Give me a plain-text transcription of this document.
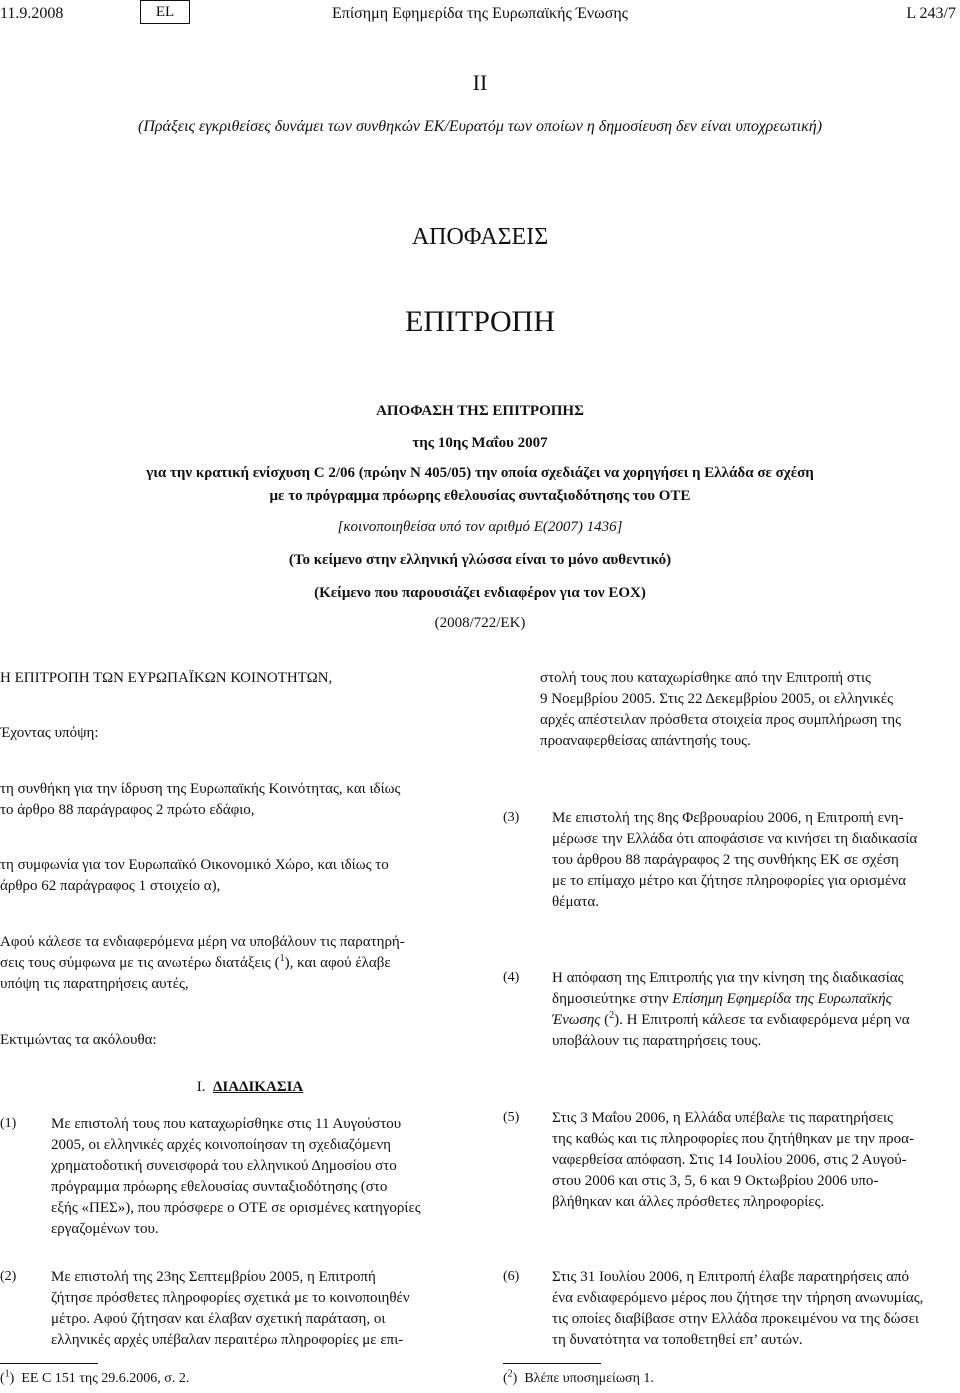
11.9.2008	EL	Επίσημη Εφημερίδα της Ευρωπαϊκής Ένωσης	L 243/7
II
(Πράξεις εγκριθείσες δυνάμει των συνθηκών ΕΚ/Ευρατόμ των οποίων η δημοσίευση δεν είναι υποχρεωτική)
ΑΠΟΦΑΣΕΙΣ
ΕΠΙΤΡΟΠΗ
ΑΠΟΦΑΣΗ ΤΗΣ ΕΠΙΤΡΟΠΗΣ
της 10ης Μαΐου 2007
για την κρατική ενίσχυση C 2/06 (πρώην N 405/05) την οποία σχεδιάζει να χορηγήσει η Ελλάδα σε σχέση
με το πρόγραμμα πρόωρης εθελουσίας συνταξιοδότησης του ΟΤΕ
[κοινοποιηθείσα υπό τον αριθμό Ε(2007) 1436]
(Το κείμενο στην ελληνική γλώσσα είναι το μόνο αυθεντικό)
(Κείμενο που παρουσιάζει ενδιαφέρον για τον ΕΟΧ)
(2008/722/ΕΚ)
Η ΕΠΙΤΡΟΠΗ ΤΩΝ ΕΥΡΩΠΑΪΚΩΝ ΚΟΙΝΟΤΗΤΩΝ,
Έχοντας υπόψη:
τη συνθήκη για την ίδρυση της Ευρωπαϊκής Κοινότητας, και ιδίως
το άρθρο 88 παράγραφος 2 πρώτο εδάφιο,
τη συμφωνία για τον Ευρωπαϊκό Οικονομικό Χώρο, και ιδίως το
άρθρο 62 παράγραφος 1 στοιχείο α),
Αφού κάλεσε τα ενδιαφερόμενα μέρη να υποβάλουν τις παρατηρή-
σεις τους σύμφωνα με τις ανωτέρω διατάξεις ($^1$), και αφού έλαβε
υπόψη τις παρατηρήσεις αυτές,
Εκτιμώντας τα ακόλουθα:
I. ΔΙΑΔΙΚΑΣΙΑ
(1) Με επιστολή τους που καταχωρίσθηκε στις 11 Αυγούστου
2005, οι ελληνικές αρχές κοινοποίησαν τη σχεδιαζόμενη
χρηματοδοτική συνεισφορά του ελληνικού Δημοσίου στο
πρόγραμμα πρόωρης εθελουσίας συνταξιοδότησης (στο
εξής «ΠΕΣ»), που πρόσφερε ο ΟΤΕ σε ορισμένες κατηγορίες
εργαζομένων του.
(2) Με επιστολή της 23ης Σεπτεμβρίου 2005, η Επιτροπή
ζήτησε πρόσθετες πληροφορίες σχετικά με το κοινοποιηθέν
μέτρο. Αφού ζήτησαν και έλαβαν σχετική παράταση, οι
ελληνικές αρχές υπέβαλαν περαιτέρω πληροφορίες με επι-
($^1$)  ΕΕ C 151 της 29.6.2006, σ. 2.
στολή τους που καταχωρίσθηκε από την Επιτροπή στις
9 Νοεμβρίου 2005. Στις 22 Δεκεμβρίου 2005, οι ελληνικές
αρχές απέστειλαν πρόσθετα στοιχεία προς συμπλήρωση της
προαναφερθείσας απάντησής τους.
(3) Με επιστολή της 8ης Φεβρουαρίου 2006, η Επιτροπή ενη-
μέρωσε την Ελλάδα ότι αποφάσισε να κινήσει τη διαδικασία
του άρθρου 88 παράγραφος 2 της συνθήκης ΕΚ σε σχέση
με το επίμαχο μέτρο και ζήτησε πληροφορίες για ορισμένα
θέματα.
(4) Η απόφαση της Επιτροπής για την κίνηση της διαδικασίας
δημοσιεύτηκε στην Επίσημη Εφημερίδα της Ευρωπαϊκής
Ένωσης ($^2$). Η Επιτροπή κάλεσε τα ενδιαφερόμενα μέρη να
υποβάλουν τις παρατηρήσεις τους.
(5) Στις 3 Μαΐου 2006, η Ελλάδα υπέβαλε τις παρατηρήσεις
της καθώς και τις πληροφορίες που ζητήθηκαν με την προα-
ναφερθείσα απόφαση. Στις 14 Ιουλίου 2006, στις 2 Αυγού-
στου 2006 και στις 3, 5, 6 και 9 Οκτωβρίου 2006 υπο-
βλήθηκαν και άλλες πρόσθετες πληροφορίες.
(6) Στις 31 Ιουλίου 2006, η Επιτροπή έλαβε παρατηρήσεις από
ένα ενδιαφερόμενο μέρος που ζήτησε την τήρηση ανωνυμίας,
τις οποίες διαβίβασε στην Ελλάδα προκειμένου να της δώσει
τη δυνατότητα να τοποθετηθεί επ’ αυτών.
($^2$)  Βλέπε υποσημείωση 1.
